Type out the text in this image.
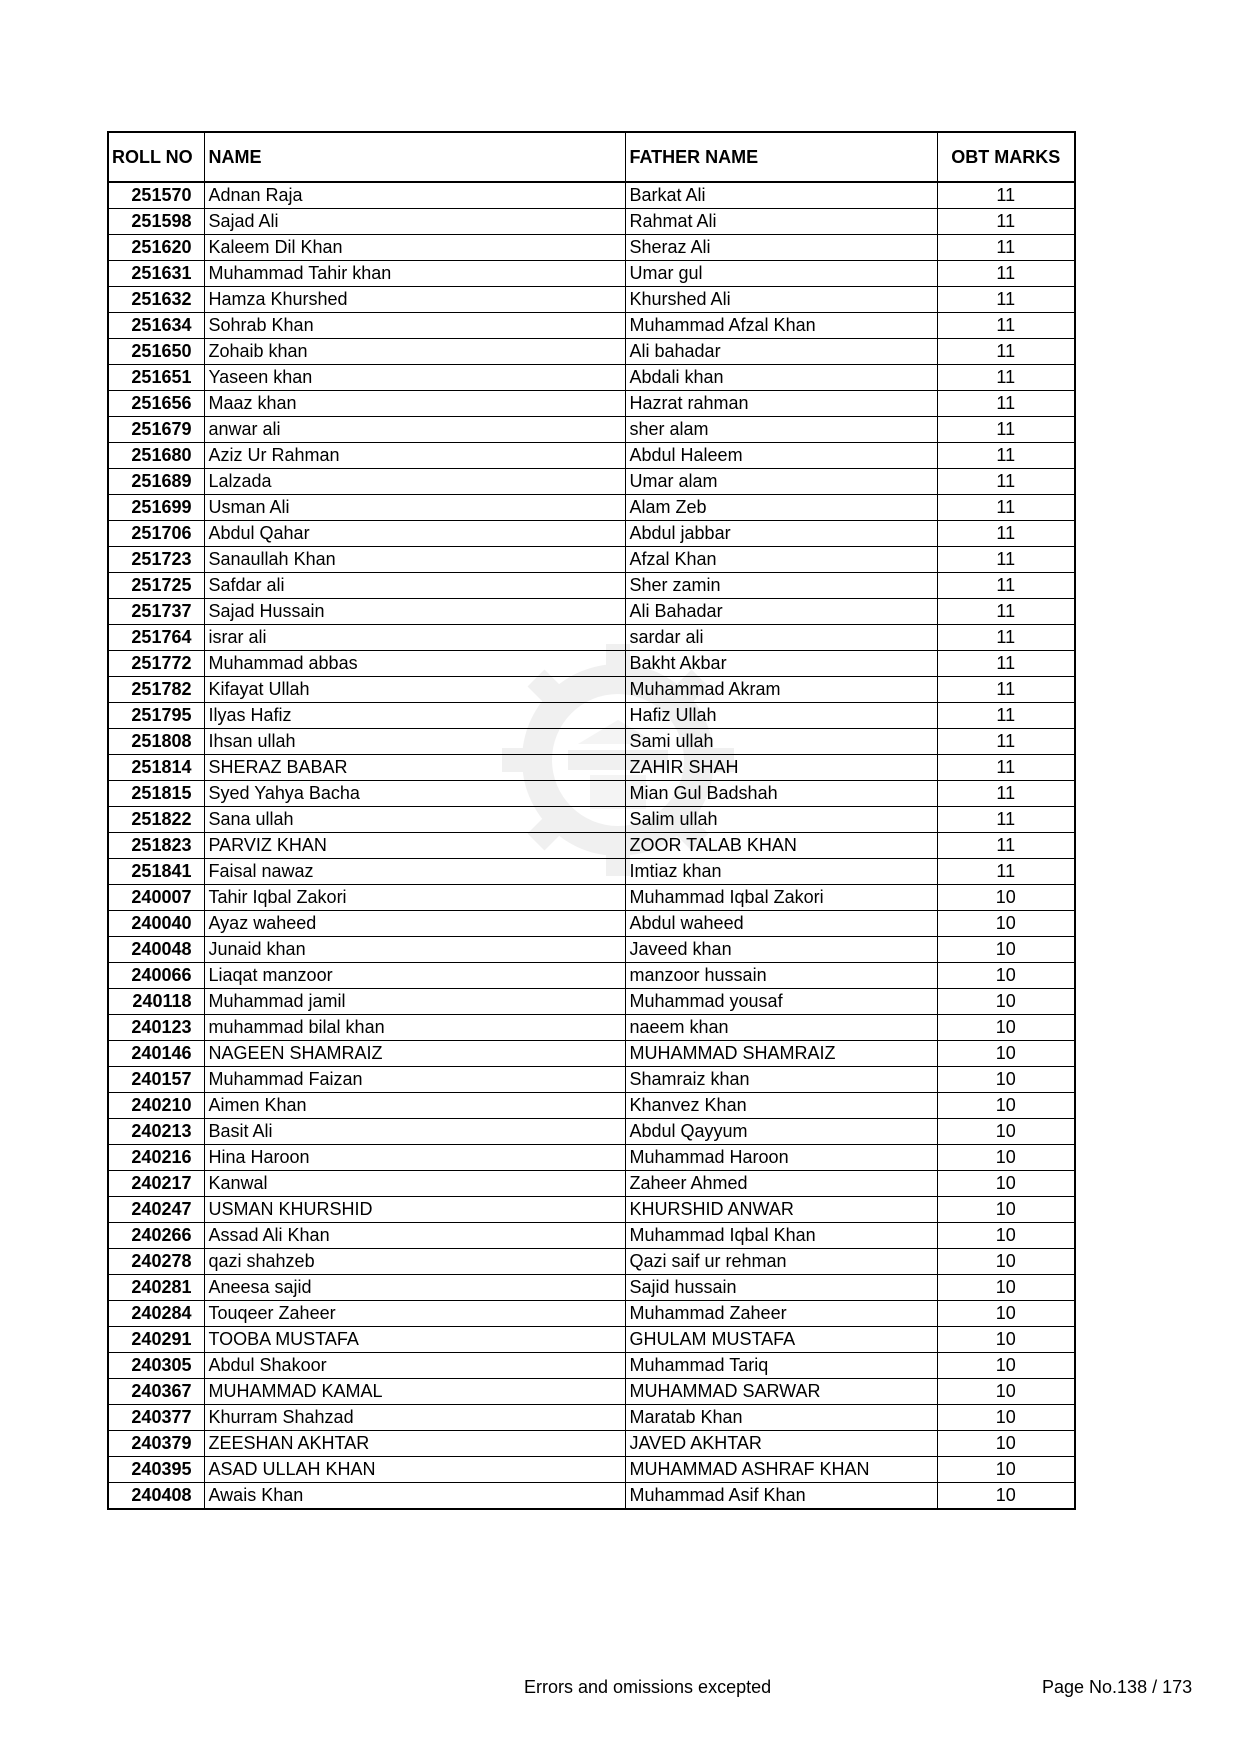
ROLL NO	NAME	FATHER NAME	OBT MARKS
251570	Adnan Raja	Barkat Ali	11
251598	Sajad Ali	Rahmat Ali	11
251620	Kaleem Dil Khan	Sheraz Ali	11
251631	Muhammad Tahir khan	Umar gul	11
251632	Hamza Khurshed	Khurshed Ali	11
251634	Sohrab Khan	Muhammad Afzal Khan	11
251650	Zohaib khan	Ali bahadar	11
251651	Yaseen khan	Abdali khan	11
251656	Maaz khan	Hazrat rahman	11
251679	anwar ali	sher alam	11
251680	Aziz Ur Rahman	Abdul Haleem	11
251689	Lalzada	Umar alam	11
251699	Usman Ali	Alam Zeb	11
251706	Abdul Qahar	Abdul jabbar	11
251723	Sanaullah Khan	Afzal Khan	11
251725	Safdar ali	Sher zamin	11
251737	Sajad Hussain	Ali Bahadar	11
251764	israr ali	sardar ali	11
251772	Muhammad abbas	Bakht Akbar	11
251782	Kifayat Ullah	Muhammad Akram	11
251795	Ilyas Hafiz	Hafiz Ullah	11
251808	Ihsan ullah	Sami ullah	11
251814	SHERAZ BABAR	ZAHIR SHAH	11
251815	Syed Yahya Bacha	Mian Gul Badshah	11
251822	Sana ullah	Salim ullah	11
251823	PARVIZ KHAN	ZOOR TALAB KHAN	11
251841	Faisal nawaz	Imtiaz khan	11
240007	Tahir Iqbal Zakori	Muhammad Iqbal Zakori	10
240040	Ayaz waheed	Abdul waheed	10
240048	Junaid khan	Javeed khan	10
240066	Liaqat manzoor	manzoor hussain	10
240118	Muhammad jamil	Muhammad yousaf	10
240123	muhammad bilal khan	naeem khan	10
240146	NAGEEN SHAMRAIZ	MUHAMMAD SHAMRAIZ	10
240157	Muhammad Faizan	Shamraiz khan	10
240210	Aimen Khan	Khanvez Khan	10
240213	Basit Ali	Abdul Qayyum	10
240216	Hina Haroon	Muhammad Haroon	10
240217	Kanwal	Zaheer Ahmed	10
240247	USMAN KHURSHID	KHURSHID ANWAR	10
240266	Assad Ali Khan	Muhammad Iqbal Khan	10
240278	qazi shahzeb	Qazi saif ur rehman	10
240281	Aneesa sajid	Sajid hussain	10
240284	Touqeer Zaheer	Muhammad Zaheer	10
240291	TOOBA MUSTAFA	GHULAM MUSTAFA	10
240305	Abdul Shakoor	Muhammad Tariq	10
240367	MUHAMMAD KAMAL	MUHAMMAD SARWAR	10
240377	Khurram Shahzad	Maratab Khan	10
240379	ZEESHAN AKHTAR	JAVED AKHTAR	10
240395	ASAD ULLAH KHAN	MUHAMMAD ASHRAF KHAN	10
240408	Awais Khan	Muhammad Asif Khan	10
Errors and omissions excepted	Page No.138 / 173
